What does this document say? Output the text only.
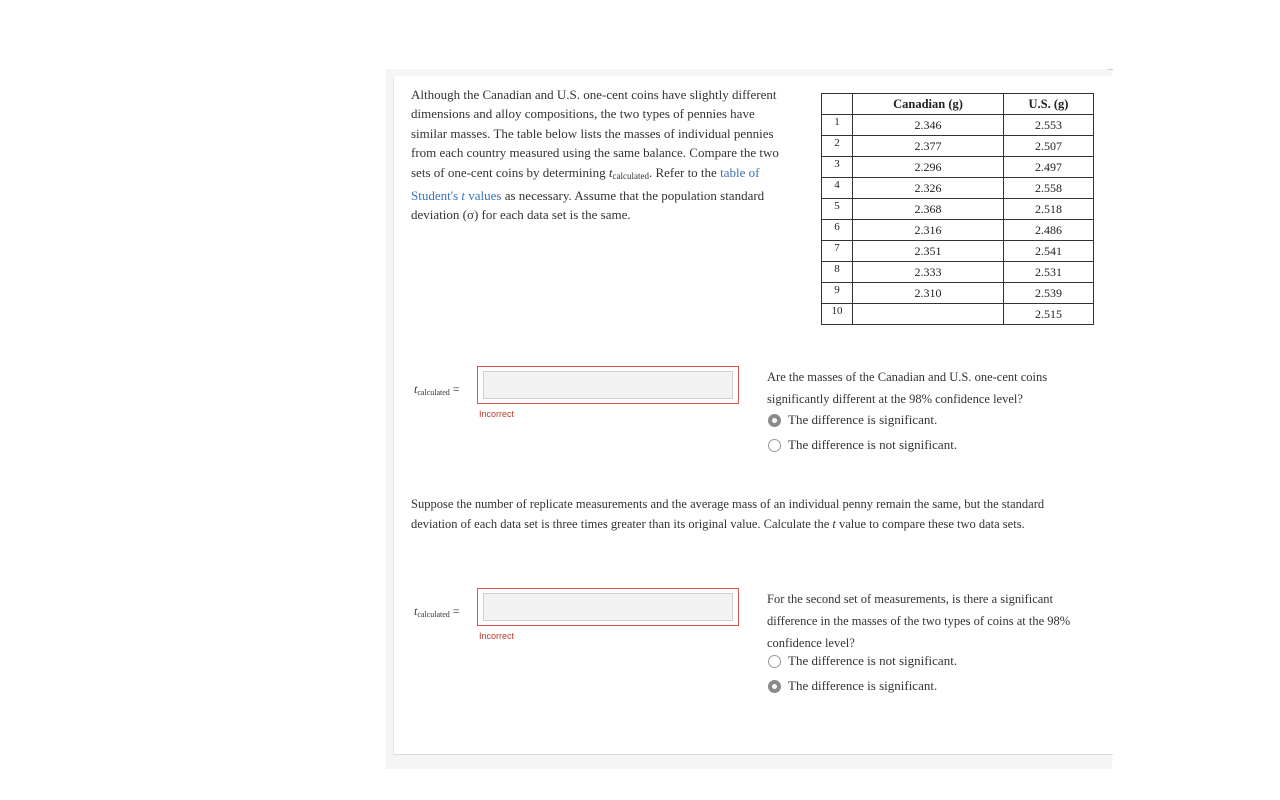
Although the Canadian and U.S. one-cent coins have slightly different dimensions and alloy compositions, the two types of pennies have similar masses. The table below lists the masses of individual pennies from each country measured using the same balance. Compare the two sets of one-cent coins by determining $t_{calculated}$. Refer to the table of Student's t values as necessary. Assume that the population standard deviation (σ) for each data set is the same.
	Canadian (g)	U.S. (g)
1	2.346	2.553
2	2.377	2.507
3	2.296	2.497
4	2.326	2.558
5	2.368	2.518
6	2.316	2.486
7	2.351	2.541
8	2.333	2.531
9	2.310	2.539
10		2.515
$t_{calculated}$ =
Incorrect
Are the masses of the Canadian and U.S. one-cent coins significantly different at the 98% confidence level?
The difference is significant.
The difference is not significant.
Suppose the number of replicate measurements and the average mass of an individual penny remain the same, but the standard deviation of each data set is three times greater than its original value. Calculate the t value to compare these two data sets.
$t_{calculated}$ =
Incorrect
For the second set of measurements, is there a significant difference in the masses of the two types of coins at the 98% confidence level?
The difference is not significant.
The difference is significant.
